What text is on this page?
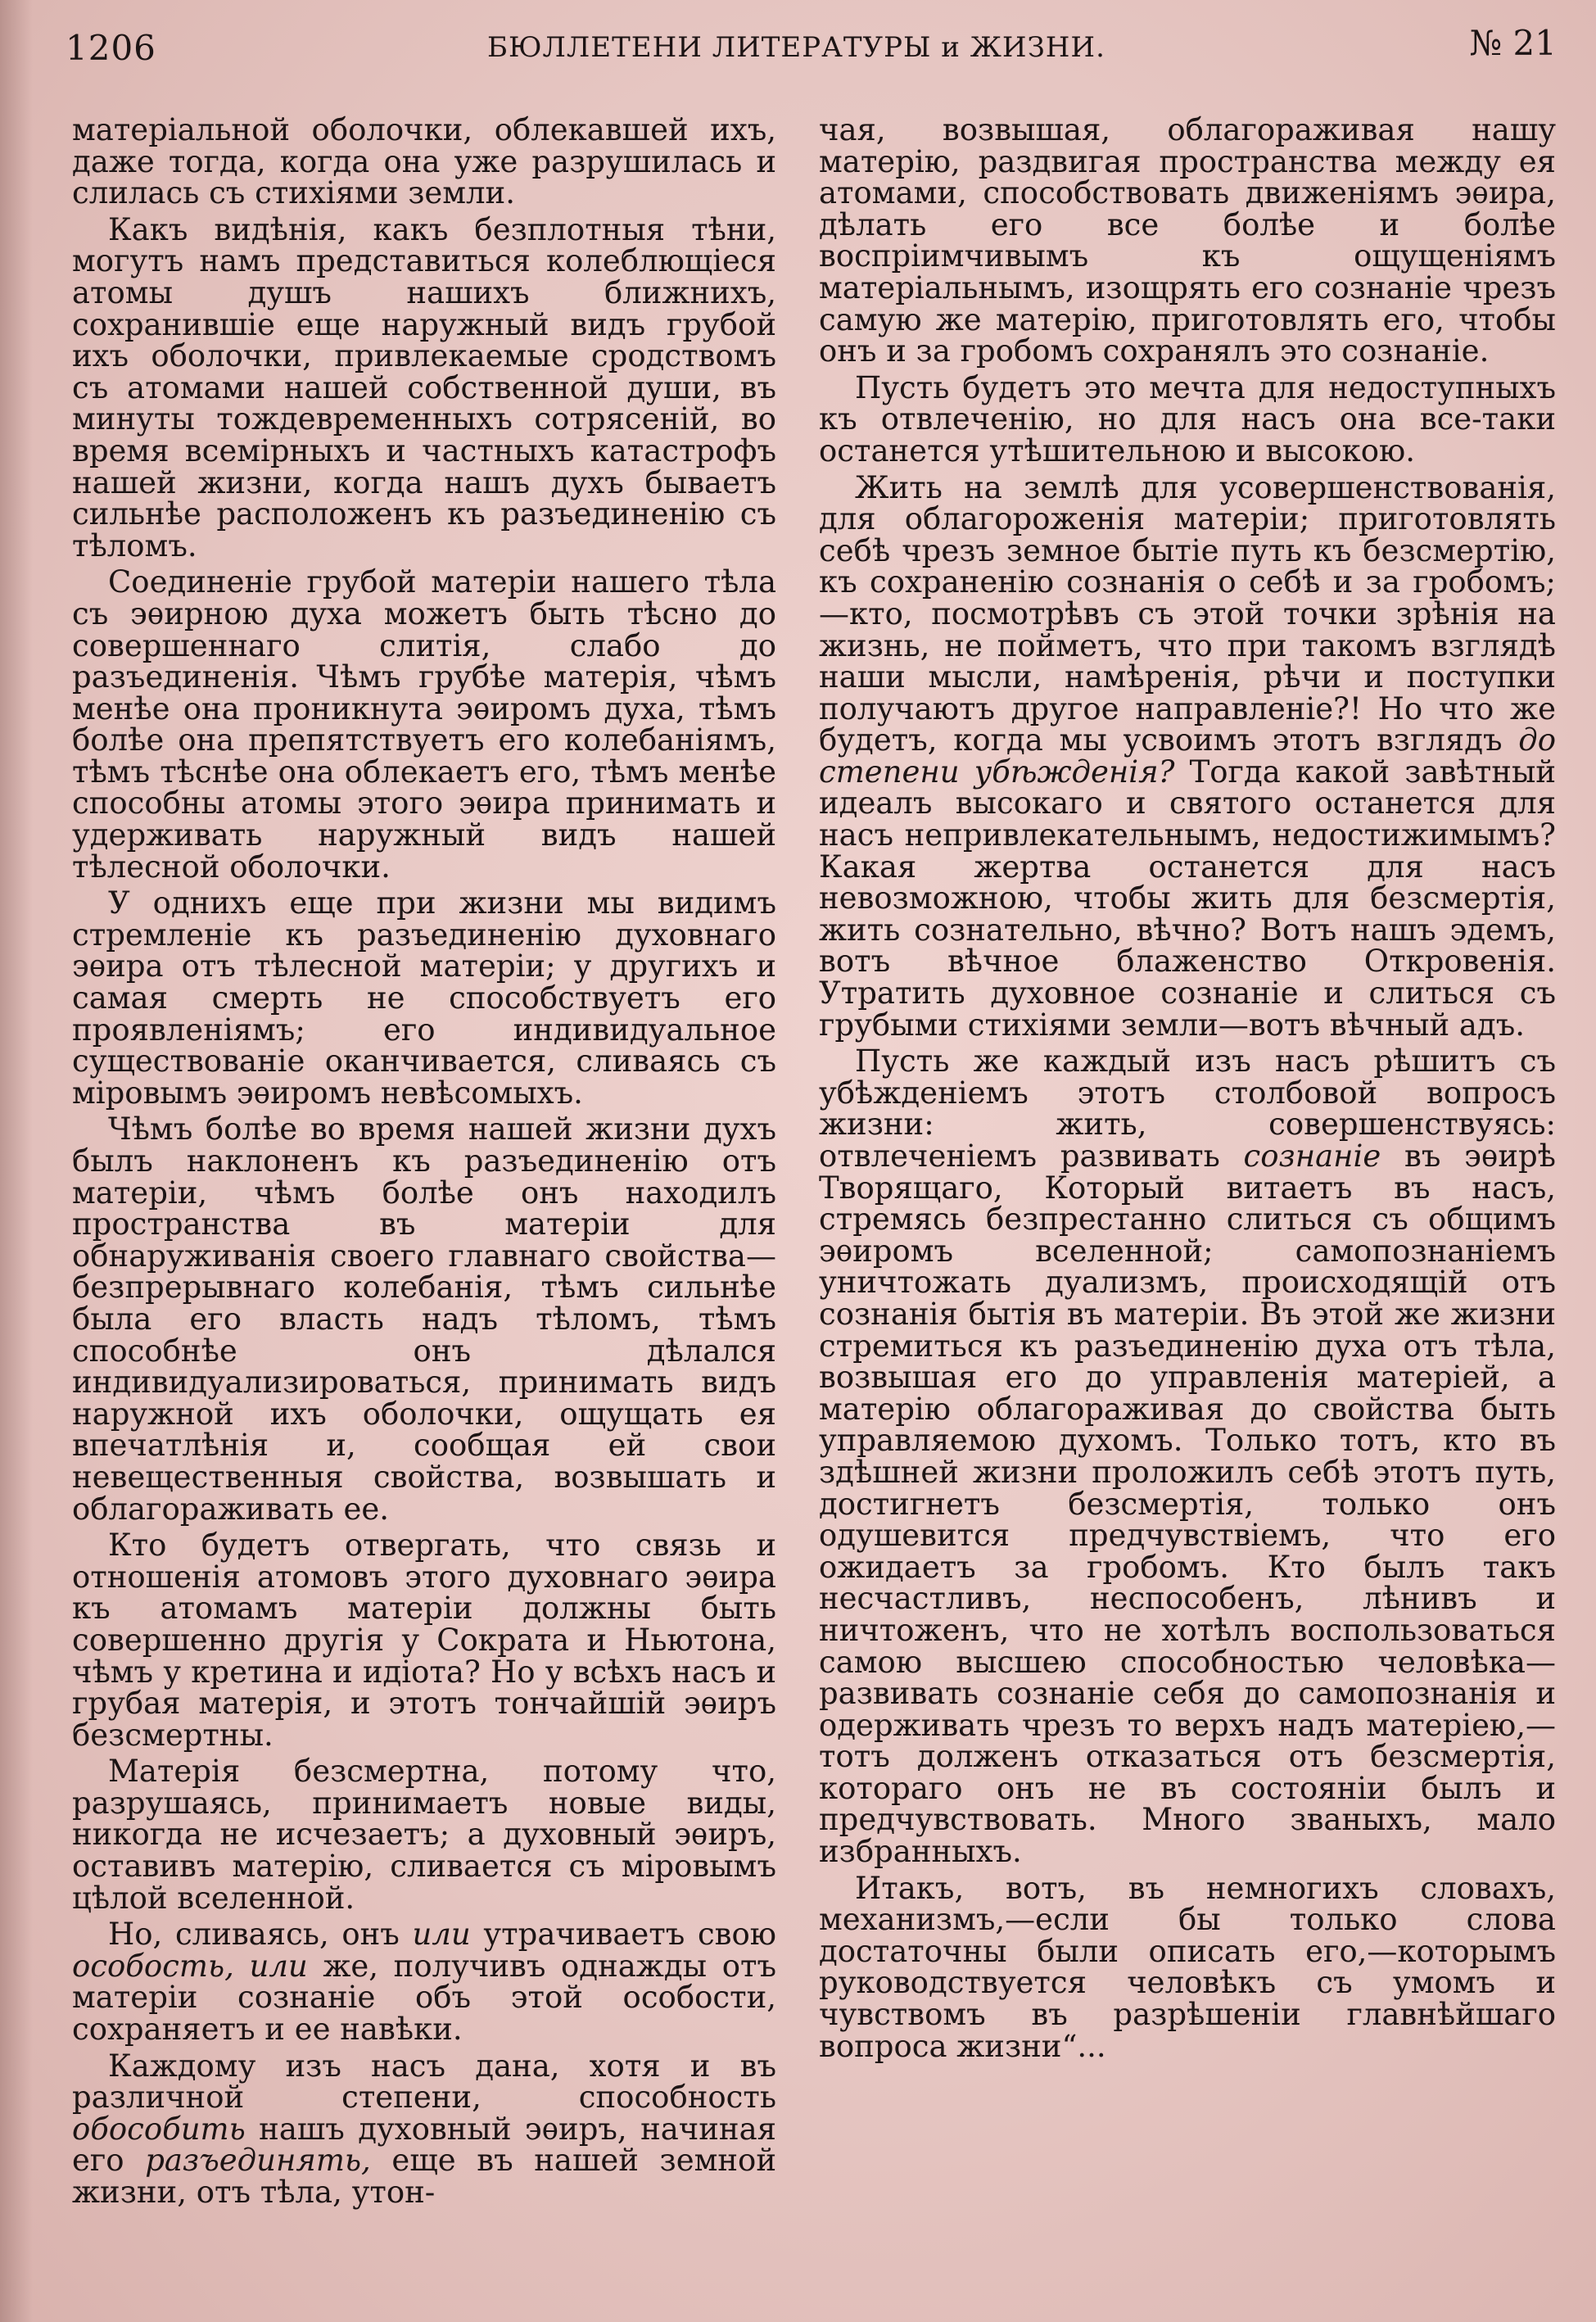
1206	БЮЛЛЕТЕНИ ЛИТЕРАТУРЫ и ЖИЗНИ.	№ 21

матеріальной оболочки, облекавшей ихъ, даже тогда, когда она уже разрушилась и слилась съ стихіями земли.

Какъ видѣнія, какъ безплотныя тѣни, могутъ намъ представиться колеблющіеся атомы душъ нашихъ ближнихъ, сохранившіе еще наружный видъ грубой ихъ оболочки, привлекаемые сродствомъ съ атомами нашей собственной души, въ минуты тождевременныхъ сотрясеній, во время всемірныхъ и частныхъ катастрофъ нашей жизни, когда нашъ духъ бываетъ сильнѣе расположенъ къ разъединенію съ тѣломъ.

Соединеніе грубой матеріи нашего тѣла съ эѳирною духа можетъ быть тѣсно до совершеннаго слитія, слабо до разъединенія. Чѣмъ грубѣе матерія, чѣмъ менѣе она проникнута эѳиромъ духа, тѣмъ болѣе она препятствуетъ его колебаніямъ, тѣмъ тѣснѣе она облекаетъ его, тѣмъ менѣе способны атомы этого эѳира принимать и удерживать наружный видъ нашей тѣлесной оболочки.

У однихъ еще при жизни мы видимъ стремленіе къ разъединенію духовнаго эѳира отъ тѣлесной матеріи; у другихъ и самая смерть не способствуетъ его проявленіямъ; его индивидуальное существованіе оканчивается, сливаясь съ міровымъ эѳиромъ невѣсомыхъ.

Чѣмъ болѣе во время нашей жизни духъ былъ наклоненъ къ разъединенію отъ матеріи, чѣмъ болѣе онъ находилъ пространства въ матеріи для обнаруживанія своего главнаго свойства—безпрерывнаго колебанія, тѣмъ сильнѣе была его власть надъ тѣломъ, тѣмъ способнѣе онъ дѣлался индивидуализироваться, принимать видъ наружной ихъ оболочки, ощущать ея впечатлѣнія и, сообщая ей свои невещественныя свойства, возвышать и облагораживать ее.

Кто будетъ отвергать, что связь и отношенія атомовъ этого духовнаго эѳира къ атомамъ матеріи должны быть совершенно другія у Сократа и Ньютона, чѣмъ у кретина и идіота? Но у всѣхъ насъ и грубая матерія, и этотъ тончайшій эѳиръ безсмертны.

Матерія безсмертна, потому что, разрушаясь, принимаетъ новые виды, никогда не исчезаетъ; а духовный эѳиръ, оставивъ матерію, сливается съ міровымъ цѣлой вселенной.

Но, сливаясь, онъ или утрачиваетъ свою особость, или же, получивъ однажды отъ матеріи сознаніе объ этой особости, сохраняетъ и ее навѣки.

Каждому изъ насъ дана, хотя и въ различной степени, способность обособить нашъ духовный эѳиръ, начиная его разъединять, еще въ нашей земной жизни, отъ тѣла, утон-

чая, возвышая, облагораживая нашу матерію, раздвигая пространства между ея атомами, способствовать движеніямъ эѳира, дѣлать его все болѣе и болѣе воспріимчивымъ къ ощущеніямъ матеріальнымъ, изощрять его сознаніе чрезъ самую же матерію, приготовлять его, чтобы онъ и за гробомъ сохранялъ это сознаніе.

Пусть будетъ это мечта для недоступныхъ къ отвлеченію, но для насъ она все-таки останется утѣшительною и высокою.

Жить на землѣ для усовершенствованія, для облагороженія матеріи; приготовлять себѣ чрезъ земное бытіе путь къ безсмертію, къ сохраненію сознанія о себѣ и за гробомъ;—кто, посмотрѣвъ съ этой точки зрѣнія на жизнь, не пойметъ, что при такомъ взглядѣ наши мысли, намѣренія, рѣчи и поступки получаютъ другое направленіе?! Но что же будетъ, когда мы усвоимъ этотъ взглядъ до степени убѣжденія? Тогда какой завѣтный идеалъ высокаго и святого останется для насъ непривлекательнымъ, недостижимымъ? Какая жертва останется для насъ невозможною, чтобы жить для безсмертія, жить сознательно, вѣчно? Вотъ нашъ эдемъ, вотъ вѣчное блаженство Откровенія. Утратить духовное сознаніе и слиться съ грубыми стихіями земли—вотъ вѣчный адъ.

Пусть же каждый изъ насъ рѣшитъ съ убѣжденіемъ этотъ столбовой вопросъ жизни: жить, совершенствуясь: отвлеченіемъ развивать сознаніе въ эѳирѣ Творящаго, Который витаетъ въ насъ, стремясь безпрестанно слиться съ общимъ эѳиромъ вселенной; самопознаніемъ уничтожать дуализмъ, происходящій отъ сознанія бытія въ матеріи. Въ этой же жизни стремиться къ разъединенію духа отъ тѣла, возвышая его до управленія матеріей, а матерію облагораживая до свойства быть управляемою духомъ. Только тотъ, кто въ здѣшней жизни проложилъ себѣ этотъ путь, достигнетъ безсмертія, только онъ одушевится предчувствіемъ, что его ожидаетъ за гробомъ. Кто былъ такъ несчастливъ, неспособенъ, лѣнивъ и ничтоженъ, что не хотѣлъ воспользоваться самою высшею способностью человѣка—развивать сознаніе себя до самопознанія и одерживать чрезъ то верхъ надъ матеріею,—тотъ долженъ отказаться отъ безсмертія, котораго онъ не въ состояніи былъ и предчувствовать. Много званыхъ, мало избранныхъ.

Итакъ, вотъ, въ немногихъ словахъ, механизмъ,—если бы только слова достаточны были описать его,—которымъ руководствуется человѣкъ съ умомъ и чувствомъ въ разрѣшеніи главнѣйшаго вопроса жизни“...
